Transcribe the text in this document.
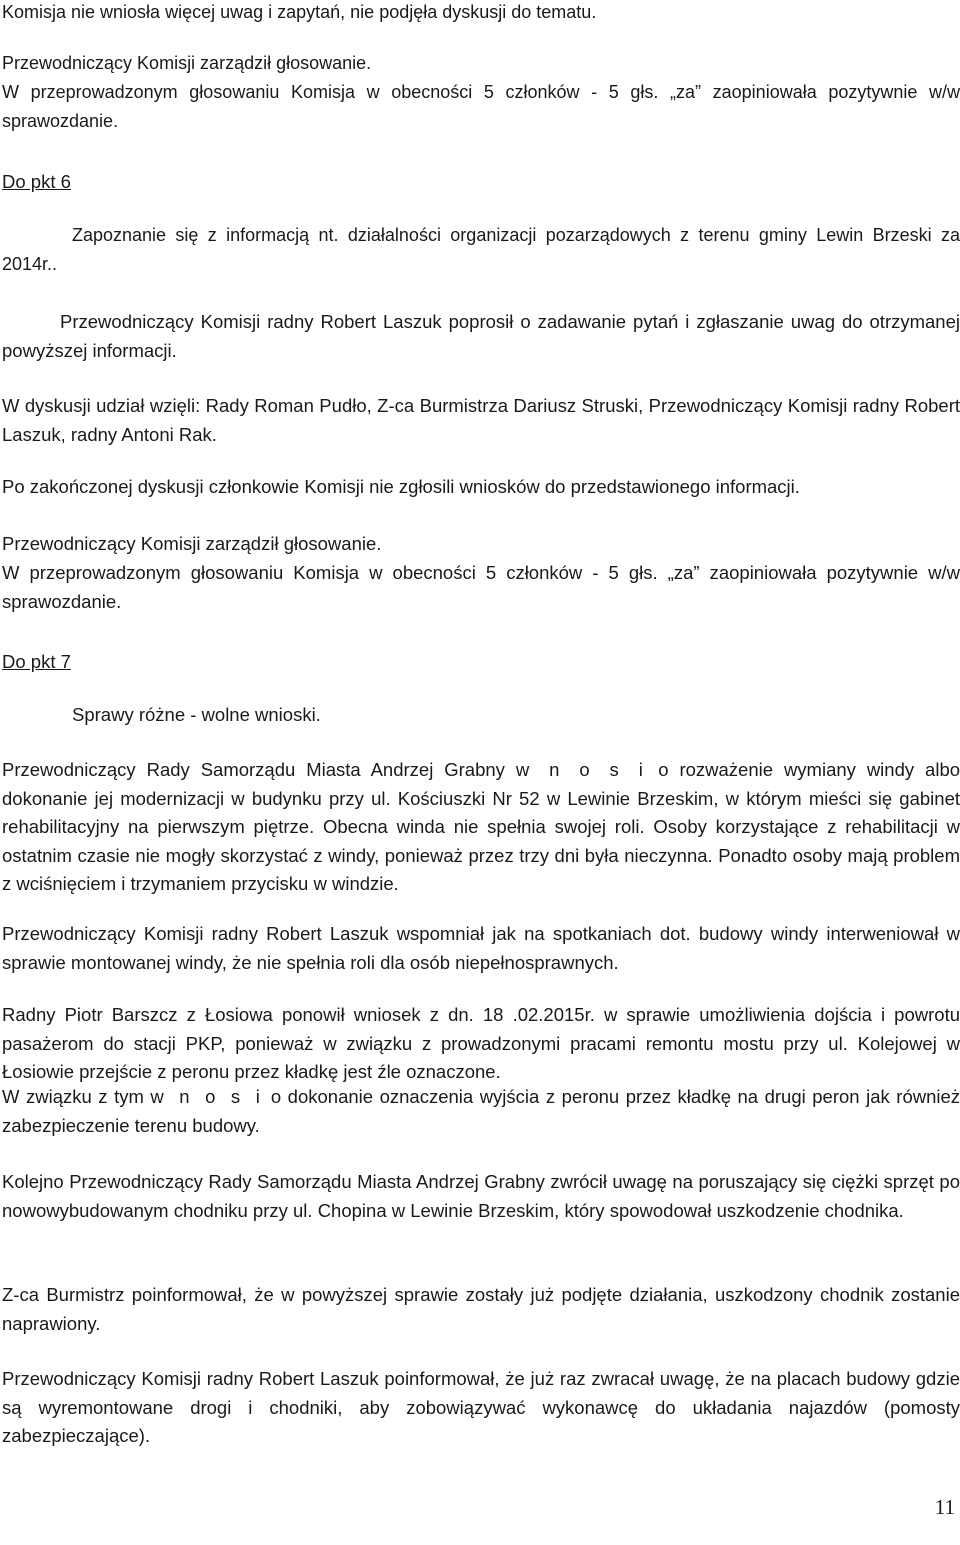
Komisja nie wniosła więcej uwag i zapytań, nie podjęła dyskusji do tematu.

Przewodniczący Komisji zarządził głosowanie.

W przeprowadzonym głosowaniu Komisja w obecności 5 członków - 5 głs. „za” zaopiniowała pozytywnie w/w sprawozdanie.

Do pkt 6

Zapoznanie się z informacją nt. działalności organizacji pozarządowych z terenu gminy Lewin Brzeski za 2014r..

Przewodniczący Komisji radny Robert Laszuk poprosił o zadawanie pytań i zgłaszanie uwag do otrzymanej powyższej informacji.

W dyskusji udział wzięli: Rady Roman Pudło, Z-ca Burmistrza Dariusz Struski, Przewodniczący Komisji radny Robert Laszuk, radny Antoni Rak.

Po zakończonej dyskusji członkowie Komisji nie zgłosili wniosków do przedstawionego informacji.

Przewodniczący Komisji zarządził głosowanie.

W przeprowadzonym głosowaniu Komisja w obecności 5 członków - 5 głs. „za” zaopiniowała pozytywnie w/w sprawozdanie.

Do pkt 7
Sprawy różne - wolne wnioski.

Przewodniczący Rady Samorządu Miasta Andrzej Grabny w n o s i o rozważenie wymiany windy albo dokonanie jej modernizacji w budynku przy ul. Kościuszki Nr 52 w Lewinie Brzeskim, w którym mieści się gabinet rehabilitacyjny na pierwszym piętrze. Obecna winda nie spełnia swojej roli. Osoby korzystające z rehabilitacji w ostatnim czasie nie mogły skorzystać z windy, ponieważ przez trzy dni była nieczynna. Ponadto osoby mają problem z wciśnięciem i trzymaniem przycisku w windzie.

Przewodniczący Komisji radny Robert Laszuk wspomniał jak na spotkaniach dot. budowy windy interweniował w sprawie montowanej windy, że nie spełnia roli dla osób niepełnosprawnych.

Radny Piotr Barszcz z Łosiowa ponowił wniosek z dn. 18 .02.2015r. w sprawie umożliwienia dojścia i powrotu pasażerom do stacji PKP, ponieważ w związku z prowadzonymi pracami remontu mostu przy ul. Kolejowej w Łosiowie przejście z peronu przez kładkę jest źle oznaczone.

W związku z tym w n o s i o dokonanie oznaczenia wyjścia z peronu przez kładkę na drugi peron jak również zabezpieczenie terenu budowy.

Kolejno Przewodniczący Rady Samorządu Miasta Andrzej Grabny zwrócił uwagę na poruszający się ciężki sprzęt po nowowybudowanym chodniku przy ul. Chopina w Lewinie Brzeskim, który spowodował uszkodzenie chodnika.

Z-ca Burmistrz poinformował, że w powyższej sprawie zostały już podjęte działania, uszkodzony chodnik zostanie naprawiony.

Przewodniczący Komisji radny Robert Laszuk poinformował, że już raz zwracał uwagę, że na placach budowy gdzie są wyremontowane drogi i chodniki, aby zobowiązywać wykonawcę do układania najazdów (pomosty zabezpieczające).

11
